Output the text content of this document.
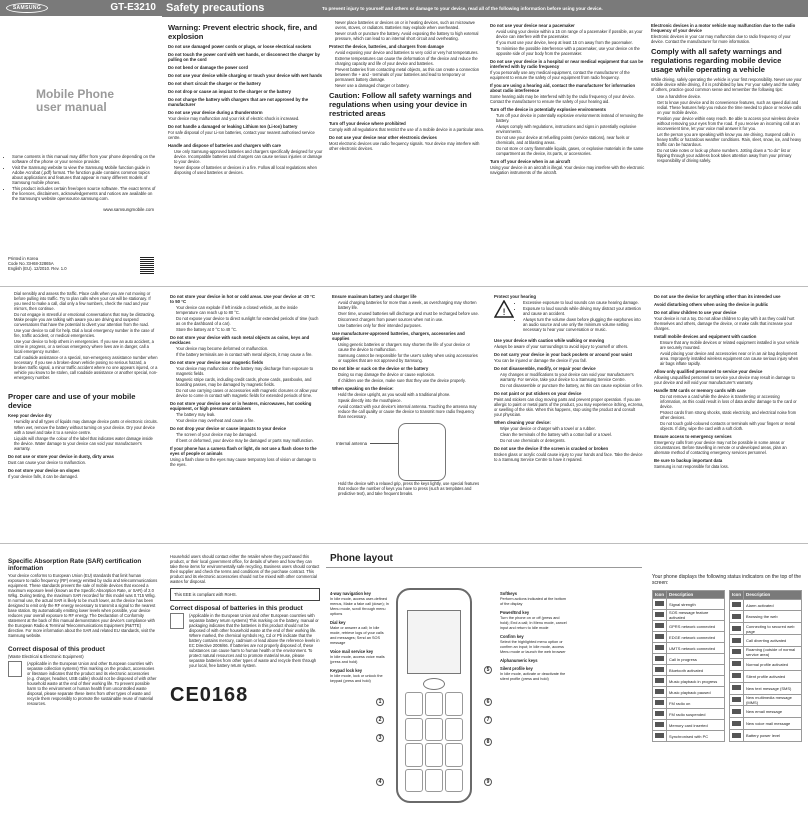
SAMSUNG	GT-E3210
Mobile Phone
user manual
• Some contents in this manual may differ from your phone depending on the software of the phone or your service provider.
• Visit the Samsung website to view the Samsung Mobile function guide in Adobe Acrobat (.pdf) format. The function guide contains common topics about applications and features that appear in many different models of Samsung mobile phones.
• This product includes certain free/open source software. The exact terms of the licences, disclaimers, acknowledgements and notices are available on the Samsung's website opensource.samsung.com.
www.samsungmobile.com
Printed in Korea
Code No.:GH68-32865A
English (EU). 12/2010. Rev. 1.0
Safety precautions	To prevent injury to yourself and others or damage to your device, read all of the following information before using your device.
Warning: Prevent electric shock, fire, and explosion
Do not use damaged power cords or plugs, or loose electrical sockets
Do not touch the power cord with wet hands, or disconnect the charger by pulling on the cord
Do not bend or damage the power cord
Do not use your device while charging or touch your device with wet hands
Do not short circuit the charger or the battery
Do not drop or cause an impact to the charger or the battery
Do not charge the battery with chargers that are not approved by the manufacturer
Do not use your device during a thunderstorm
Your device may malfunction and your risk of electric shock is increased.
Do not handle a damaged or leaking Lithium Ion (Li-Ion) battery
For safe disposal of your Li-Ion batteries, contact your nearest authorised service centre.
Handle and dispose of batteries and chargers with care
• Use only Samsung-approved batteries and chargers specifically designed for your device. Incompatible batteries and chargers can cause serious injuries or damage to your device.
• Never dispose of batteries or devices in a fire. Follow all local regulations when disposing of used batteries or devices.
• Never place batteries or devices on or in heating devices, such as microwave ovens, stoves, or radiators. Batteries may explode when overheated.
• Never crush or puncture the battery. Avoid exposing the battery to high external pressure, which can lead to an internal short circuit and overheating.
Protect the device, batteries, and chargers from damage
• Avoid exposing your device and batteries to very cold or very hot temperatures.
• Extreme temperatures can cause the deformation of the device and reduce the charging capacity and life of your device and batteries.
• Prevent batteries from contacting metal objects, as this can create a connection between the + and - terminals of your batteries and lead to temporary or permanent battery damage.
• Never use a damaged charger or battery.
Caution: Follow all safety warnings and regulations when using your device in restricted areas
Turn off your device where prohibited
Comply with all regulations that restrict the use of a mobile device in a particular area.
Do not use your device near other electronic devices
Most electronic devices use radio frequency signals. Your device may interfere with other electronic devices.
Do not use your device near a pacemaker
• Avoid using your device within a 15 cm range of a pacemaker if possible, as your device can interfere with the pacemaker.
• If you must use your device, keep at least 15 cm away from the pacemaker.
• To minimise the possible interference with a pacemaker, use your device on the opposite side of your body from the pacemaker.
Do not use your device in a hospital or near medical equipment that can be interfered with by radio frequency
If you personally use any medical equipment, contact the manufacturer of the equipment to ensure the safety of your equipment from radio frequency.
If you are using a hearing aid, contact the manufacturer for information about radio interference
Some hearing aids may be interfered with by the radio frequency of your device. Contact the manufacturer to ensure the safety of your hearing aid.
Turn off the device in potentially explosive environments
• Turn off your device in potentially explosive environments instead of removing the battery.
• Always comply with regulations, instructions and signs in potentially explosive environments.
• Do not use your device at refuelling points (service stations), near fuels or chemicals, and at blasting areas.
• Do not store or carry flammable liquids, gases, or explosive materials in the same compartment as the device, its parts, or accessories.
Turn off your device when in an aircraft
Using your device in an aircraft is illegal. Your device may interfere with the electronic navigation instruments of the aircraft.
Electronic devices in a motor vehicle may malfunction due to the radio frequency of your device
Electronic devices in your car may malfunction due to radio frequency of your device. Contact the manufacturer for more information.
Comply with all safety warnings and regulations regarding mobile device usage while operating a vehicle
While driving, safely operating the vehicle is your first responsibility. Never use your mobile device while driving, if it is prohibited by law. For your safety and the safety of others, practice good common sense and remember the following tips:
• Use a handsfree device.
• Get to know your device and its convenience features, such as speed dial and redial. These features help you reduce the time needed to place or receive calls on your mobile device.
• Position your device within easy reach. Be able to access your wireless device without removing your eyes from the road. If you receive an incoming call at an inconvenient time, let your voice mail answer it for you.
• Let the person you are speaking with know you are driving. Suspend calls in heavy traffic or hazardous weather conditions. Rain, sleet, snow, ice, and heavy traffic can be hazardous.
• Do not take notes or look up phone numbers. Jotting down a "to do" list or flipping through your address book takes attention away from your primary responsibility of driving safely.
• Dial sensibly and assess the traffic. Place calls when you are not moving or before pulling into traffic. Try to plan calls when your car will be stationary. If you need to make a call, dial only a few numbers, check the road and your mirrors, then continue.
• Do not engage in stressful or emotional conversations that may be distracting. Make people you are talking with aware you are driving and suspend conversations that have the potential to divert your attention from the road.
• Use your device to call for help. Dial a local emergency number in the case of fire, traffic accident, or medical emergencies.
• Use your device to help others in emergencies. If you see an auto accident, a crime in progress, or a serious emergency where lives are in danger, call a local emergency number.
• Call roadside assistance or a special, non-emergency assistance number when necessary. If you see a broken-down vehicle posing no serious hazard, a broken traffic signal, a minor traffic accident where no one appears injured, or a vehicle you know to be stolen, call roadside assistance or another special, non-emergency number.
Proper care and use of your mobile device
Keep your device dry
• Humidity and all types of liquids may damage device parts or electronic circuits.
• When wet, remove the battery without turning on your device. Dry your device with a towel and take it to a service centre.
• Liquids will change the colour of the label that indicates water damage inside the device. Water damage to your device can void your manufacturer's warranty.
Do not use or store your device in dusty, dirty areas
Dust can cause your device to malfunction.
Do not store your device on slopes
If your device falls, it can be damaged.
Do not store your device in hot or cold areas. Use your device at -20 °C to 50 °C
• Your device can explode if left inside a closed vehicle, as the inside temperature can reach up to 80 °C.
• Do not expose your device to direct sunlight for extended periods of time (such as on the dashboard of a car).
• Store the battery at 0 °C to 40 °C.
Do not store your device with such metal objects as coins, keys and necklaces
• Your device may become deformed or malfunction.
• If the battery terminals are in contact with metal objects, it may cause a fire.
Do not store your device near magnetic fields
• Your device may malfunction or the battery may discharge from exposure to magnetic fields.
• Magnetic stripe cards, including credit cards, phone cards, passbooks, and boarding passes, may be damaged by magnetic fields.
• Do not use carrying cases or accessories with magnetic closures or allow your device to come in contact with magnetic fields for extended periods of time.
Do not store your device near or in heaters, microwaves, hot cooking equipment, or high pressure containers
• The battery may leak.
• Your device may overheat and cause a fire.
Do not drop your device or cause impacts to your device
• The screen of your device may be damaged.
• If bent or deformed, your device may be damaged or parts may malfunction.
If your phone has a camera flash or light, do not use a flash close to the eyes of people or animals
Using a flash close to the eyes may cause temporary loss of vision or damage to the eyes.
Ensure maximum battery and charger life
• Avoid charging batteries for more than a week, as overcharging may shorten battery life.
• Over time, unused batteries will discharge and must be recharged before use.
• Disconnect chargers from power sources when not in use.
• Use batteries only for their intended purposes.
Use manufacturer-approved batteries, chargers, accessories and supplies
• Using generic batteries or chargers may shorten the life of your device or cause the device to malfunction.
• Samsung cannot be responsible for the user's safety when using accessories or supplies that are not approved by Samsung.
Do not bite or suck on the device or the battery
• Doing so may damage the device or cause explosion.
• If children use the device, make sure that they use the device properly.
When speaking on the device:
• Hold the device upright, as you would with a traditional phone.
• Speak directly into the mouthpiece.
• Avoid contact with your device's internal antenna. Touching the antenna may reduce the call quality or cause the device to transmit more radio frequency than necessary.
Internal antenna
• Hold the device with a relaxed grip, press the keys lightly, use special features that reduce the number of keys you have to press (such as templates and predictive text), and take frequent breaks.
Protect your hearing
!
• Excessive exposure to loud sounds can cause hearing damage.
• Exposure to loud sounds while driving may distract your attention and cause an accident.
• Always turn the volume down before plugging the earphones into an audio source and use only the minimum volume setting necessary to hear your conversation or music.
Use your device with caution while walking or moving
Always be aware of your surroundings to avoid injury to yourself or others.
Do not carry your device in your back pockets or around your waist
You can be injured or damage the device if you fall.
Do not disassemble, modify, or repair your device
• Any changes or modifications to your device can void your manufacturer's warranty. For service, take your device to a Samsung Service Centre.
• Do not disassemble or puncture the battery, as this can cause explosion or fire.
Do not paint or put stickers on your device
Paint and stickers can clog moving parts and prevent proper operation. If you are allergic to paint or metal parts of the product, you may experience itching, eczema, or swelling of the skin. When this happens, stop using the product and consult your physician.
When cleaning your device:
• Wipe your device or charger with a towel or a rubber.
• Clean the terminals of the battery with a cotton ball or a towel.
• Do not use chemicals or detergents.
Do not use the device if the screen is cracked or broken
Broken glass or acrylic could cause injury to your hands and face. Take the device to a Samsung Service Centre to have it repaired.
Do not use the device for anything other than its intended use
Avoid disturbing others when using the device in public
Do not allow children to use your device
Your device is not a toy. Do not allow children to play with it as they could hurt themselves and others, damage the device, or make calls that increase your charges.
Install mobile devices and equipment with caution
• Ensure that any mobile devices or related equipment installed in your vehicle are securely mounted.
• Avoid placing your device and accessories near or in an air bag deployment area. Improperly installed wireless equipment can cause serious injury when air bags inflate rapidly.
Allow only qualified personnel to service your device
Allowing unqualified personnel to service your device may result in damage to your device and will void your manufacturer's warranty.
Handle SIM cards or memory cards with care
• Do not remove a card while the device is transferring or accessing information, as this could result in loss of data and/or damage to the card or device.
• Protect cards from strong shocks, static electricity, and electrical noise from other devices.
• Do not touch gold-coloured contacts or terminals with your fingers or metal objects. If dirty, wipe the card with a soft cloth.
Ensure access to emergency services
Emergency calls from your device may not be possible in some areas or circumstances. Before travelling in remote or undeveloped areas, plan an alternate method of contacting emergency services personnel.
Be sure to backup important data
Samsung is not responsible for data loss.
Specific Absorption Rate (SAR) certification information
Your device conforms to European Union (EU) standards that limit human exposure to radio frequency (RF) energy emitted by radio and telecommunications equipment. These standards prevent the sale of mobile devices that exceed a maximum exposure level (known as the Specific Absorption Rate, or SAR) of 2.0 W/kg. During testing, the maximum SAR recorded for this model was 0.715 W/kg. In normal use, the actual SAR is likely to be much lower, as the device has been designed to emit only the RF energy necessary to transmit a signal to the nearest base station. By automatically emitting lower levels when possible, your device reduces your overall exposure to RF energy. The Declaration of Conformity statement at the back of this manual demonstrates your device's compliance with the European Radio & Terminal Telecommunications Equipment (R&TTE) directive. For more information about the SAR and related EU standards, visit the Samsung website.
Correct disposal of this product
(Waste Electrical & Electronic Equipment)
(Applicable in the European Union and other European countries with separate collection systems) This marking on the product, accessories or literature indicates that the product and its electronic accessories (e.g. charger, headset, USB cable) should not be disposed of with other household waste at the end of their working life. To prevent possible harm to the environment or human health from uncontrolled waste disposal, please separate these items from other types of waste and recycle them responsibly to promote the sustainable reuse of material resources.
Household users should contact either the retailer where they purchased this product, or their local government office, for details of where and how they can take these items for environmentally safe recycling. Business users should contact their supplier and check the terms and conditions of the purchase contract. This product and its electronic accessories should not be mixed with other commercial wastes for disposal.
This EEE is compliant with RoHS.
Correct disposal of batteries in this product
(Applicable in the European Union and other European countries with separate battery return systems) This marking on the battery, manual or packaging indicates that the batteries in this product should not be disposed of with other household waste at the end of their working life. Where marked, the chemical symbols Hg, Cd or Pb indicate that the battery contains mercury, cadmium or lead above the reference levels in EC Directive 2006/66. If batteries are not properly disposed of, these substances can cause harm to human health or the environment. To protect natural resources and to promote material reuse, please separate batteries from other types of waste and recycle them through your local, free battery return system.
CE0168
Phone layout
1
2
3
4
5
6
7
8
9
4-way navigation key
In Idle mode, access user-defined menus, Make a fake call (down); In Menu mode, scroll through menu options
Dial key
Make or answer a call; In Idle mode, retrieve logs of your calls and messages; Send an SOS message
Voice mail service key
In Idle mode, access voice mails (press and hold)
Keypad lock key
In Idle mode, lock or unlock the keypad (press and hold)
Softkeys
Perform actions indicated at the bottom of the display
Power/End key
Turn the phone on or off (press and hold); End a call; In Menu mode, cancel input and return to Idle mode
Confirm key
Select the highlighted menu option or confirm an input; In Idle mode, access Menu mode or launch the web browser
Alphanumeric keys
Silent profile key
In Idle mode, activate or deactivate the silent profile (press and hold)
Your phone displays the following status indicators on the top of the screen:
Icon	Description
	Signal strength
	SOS message feature activated
	GPRS network connected
	EDGE network connected
	UMTS network connected
	Call in progress
	Bluetooth activated
	Music playback in progress
	Music playback paused
	FM radio on
	FM radio suspended
	Memory card inserted
	Synchronised with PC
Icon	Description
	Alarm activated
	Browsing the web
	Connecting to secured web page
	Call diverting activated
	Roaming (outside of normal service area)
	Normal profile activated
	Silent profile activated
	New text message (SMS)
	New multimedia message (MMS)
	New email message
	New voice mail message
	Battery power level
